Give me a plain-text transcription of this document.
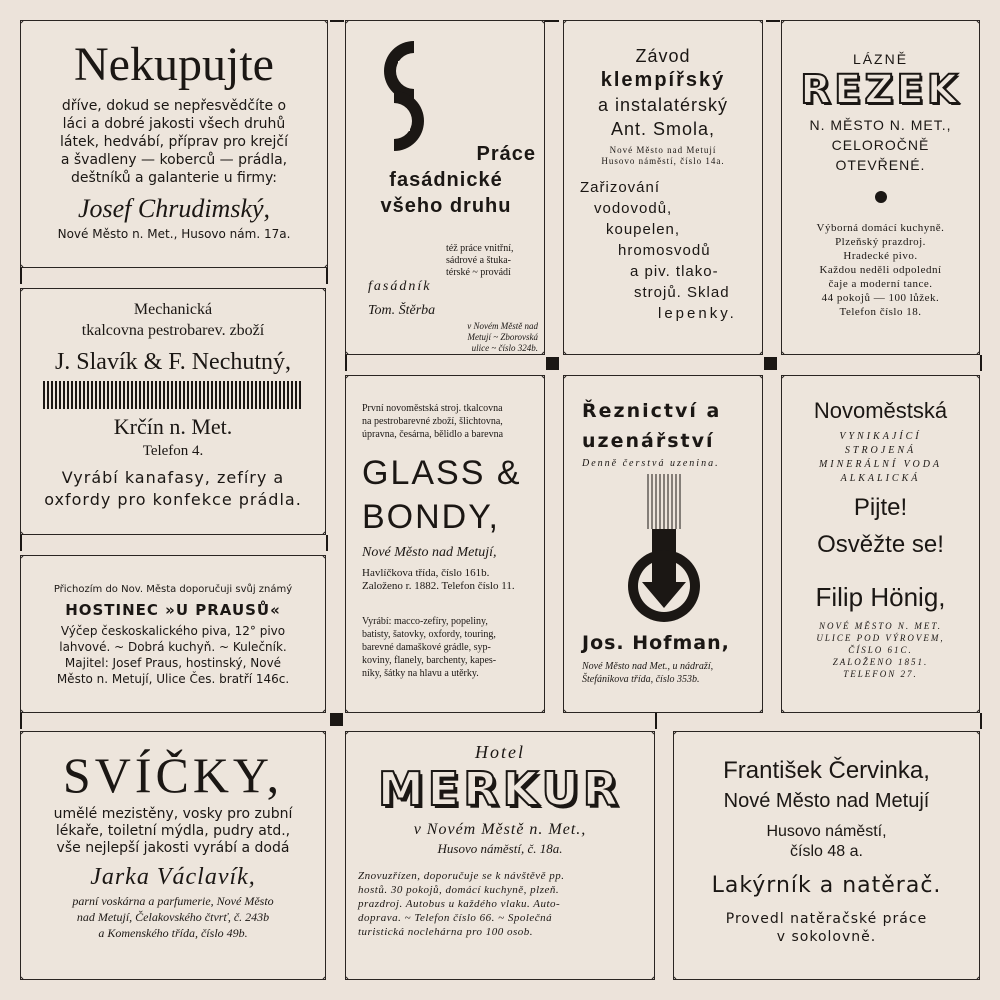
Nekupujte
dříve, dokud se nepřesvědčíte o
láci a dobré jakosti všech druhů
látek, hedvábí, příprav pro krejčí
a švadleny — koberců — prádla,
deštníků a galanterie u firmy:
Josef Chrudimský,
Nové Město n. Met., Husovo nám. 17a.
Práce
fasádnické
všeho druhu
též práce vnitřní,
sádrové a štuka-
térské ~ provádí
fasádník
Tom. Štěrba
v Novém Městě nad
Metují ~ Zborovská
ulice ~ číslo 324b.
Závod
klempířský
a instalatérský
Ant. Smola,
Nové Město nad Metují
Husovo náměstí, číslo 14a.
Zařizování
vodovodů,
koupelen,
hromosvodů
a piv. tlako-
strojů. Sklad
lepenky.
LÁZNĚ
REZEK
N. MĚSTO N. MET.,
CELOROČNĚ
OTEVŘENÉ.
Výborná domácí kuchyně.
Plzeňský prazdroj.
Hradecké pivo.
Každou neděli odpolední
čaje a moderní tance.
44 pokojů — 100 lůžek.
Telefon číslo 18.
Mechanická
tkalcovna pestrobarev. zboží
J. Slavík & F. Nechutný,
Krčín n. Met.
Telefon 4.
Vyrábí kanafasy, zefíry a
oxfordy pro konfekce prádla.
První novoměstská stroj. tkalcovna
na pestrobarevné zboží, šlichtovna,
úpravna, česárna, bělidlo a barevna
GLASS &
BONDY,
Nové Město nad Metují,
Havlíčkova třída, číslo 161b.
Založeno r. 1882. Telefon číslo 11.
Vyrábí: macco-zefíry, popeliny,
batisty, šatovky, oxfordy, touring,
barevné damaškové grádle, syp-
koviny, flanely, barchenty, kapes-
níky, šátky na hlavu a utěrky.
Řeznictví a
uzenářství
Denně čerstvá uzenina.
Jos. Hofman,
Nové Město nad Met., u nádraží,
Štefánikova třída, číslo 353b.
Novoměstská
VYNIKAJÍCÍ
STROJENÁ
MINERÁLNÍ VODA
ALKALICKÁ
Pijte!
Osvěžte se!
Filip Hönig,
NOVÉ MĚSTO N. MET.
ULICE POD VÝROVEM,
ČÍSLO 61C.
ZALOŽENO 1851.
TELEFON 27.
Přichozím do Nov. Města doporučuji svůj známý
HOSTINEC »U PRAUSŮ«
Výčep českoskalického piva, 12° pivo
lahvové. ~ Dobrá kuchyň. ~ Kulečník.
Majitel: Josef Praus, hostinský, Nové
Město n. Metují, Ulice Čes. bratří 146c.
SVÍČKY,
umělé mezistěny, vosky pro zubní
lékaře, toiletní mýdla, pudry atd.,
vše nejlepší jakosti vyrábí a dodá
Jarka Václavík,
parní voskárna a parfumerie, Nové Město
nad Metují, Čelakovského čtvrť, č. 243b
a Komenského třída, číslo 49b.
Hotel
MERKUR
v Novém Městě n. Met.,
Husovo náměstí, č. 18a.
Znovuzřízen, doporučuje se k návštěvě pp.
hostů. 30 pokojů, domácí kuchyně, plzeň.
prazdroj. Autobus u každého vlaku. Auto-
doprava. ~ Telefon číslo 66. ~ Společná
turistická noclehárna pro 100 osob.
František Červinka,
Nové Město nad Metují
Husovo náměstí,
číslo 48 a.
Lakýrník a natěrač.
Provedl natěračské práce
v sokolovně.
